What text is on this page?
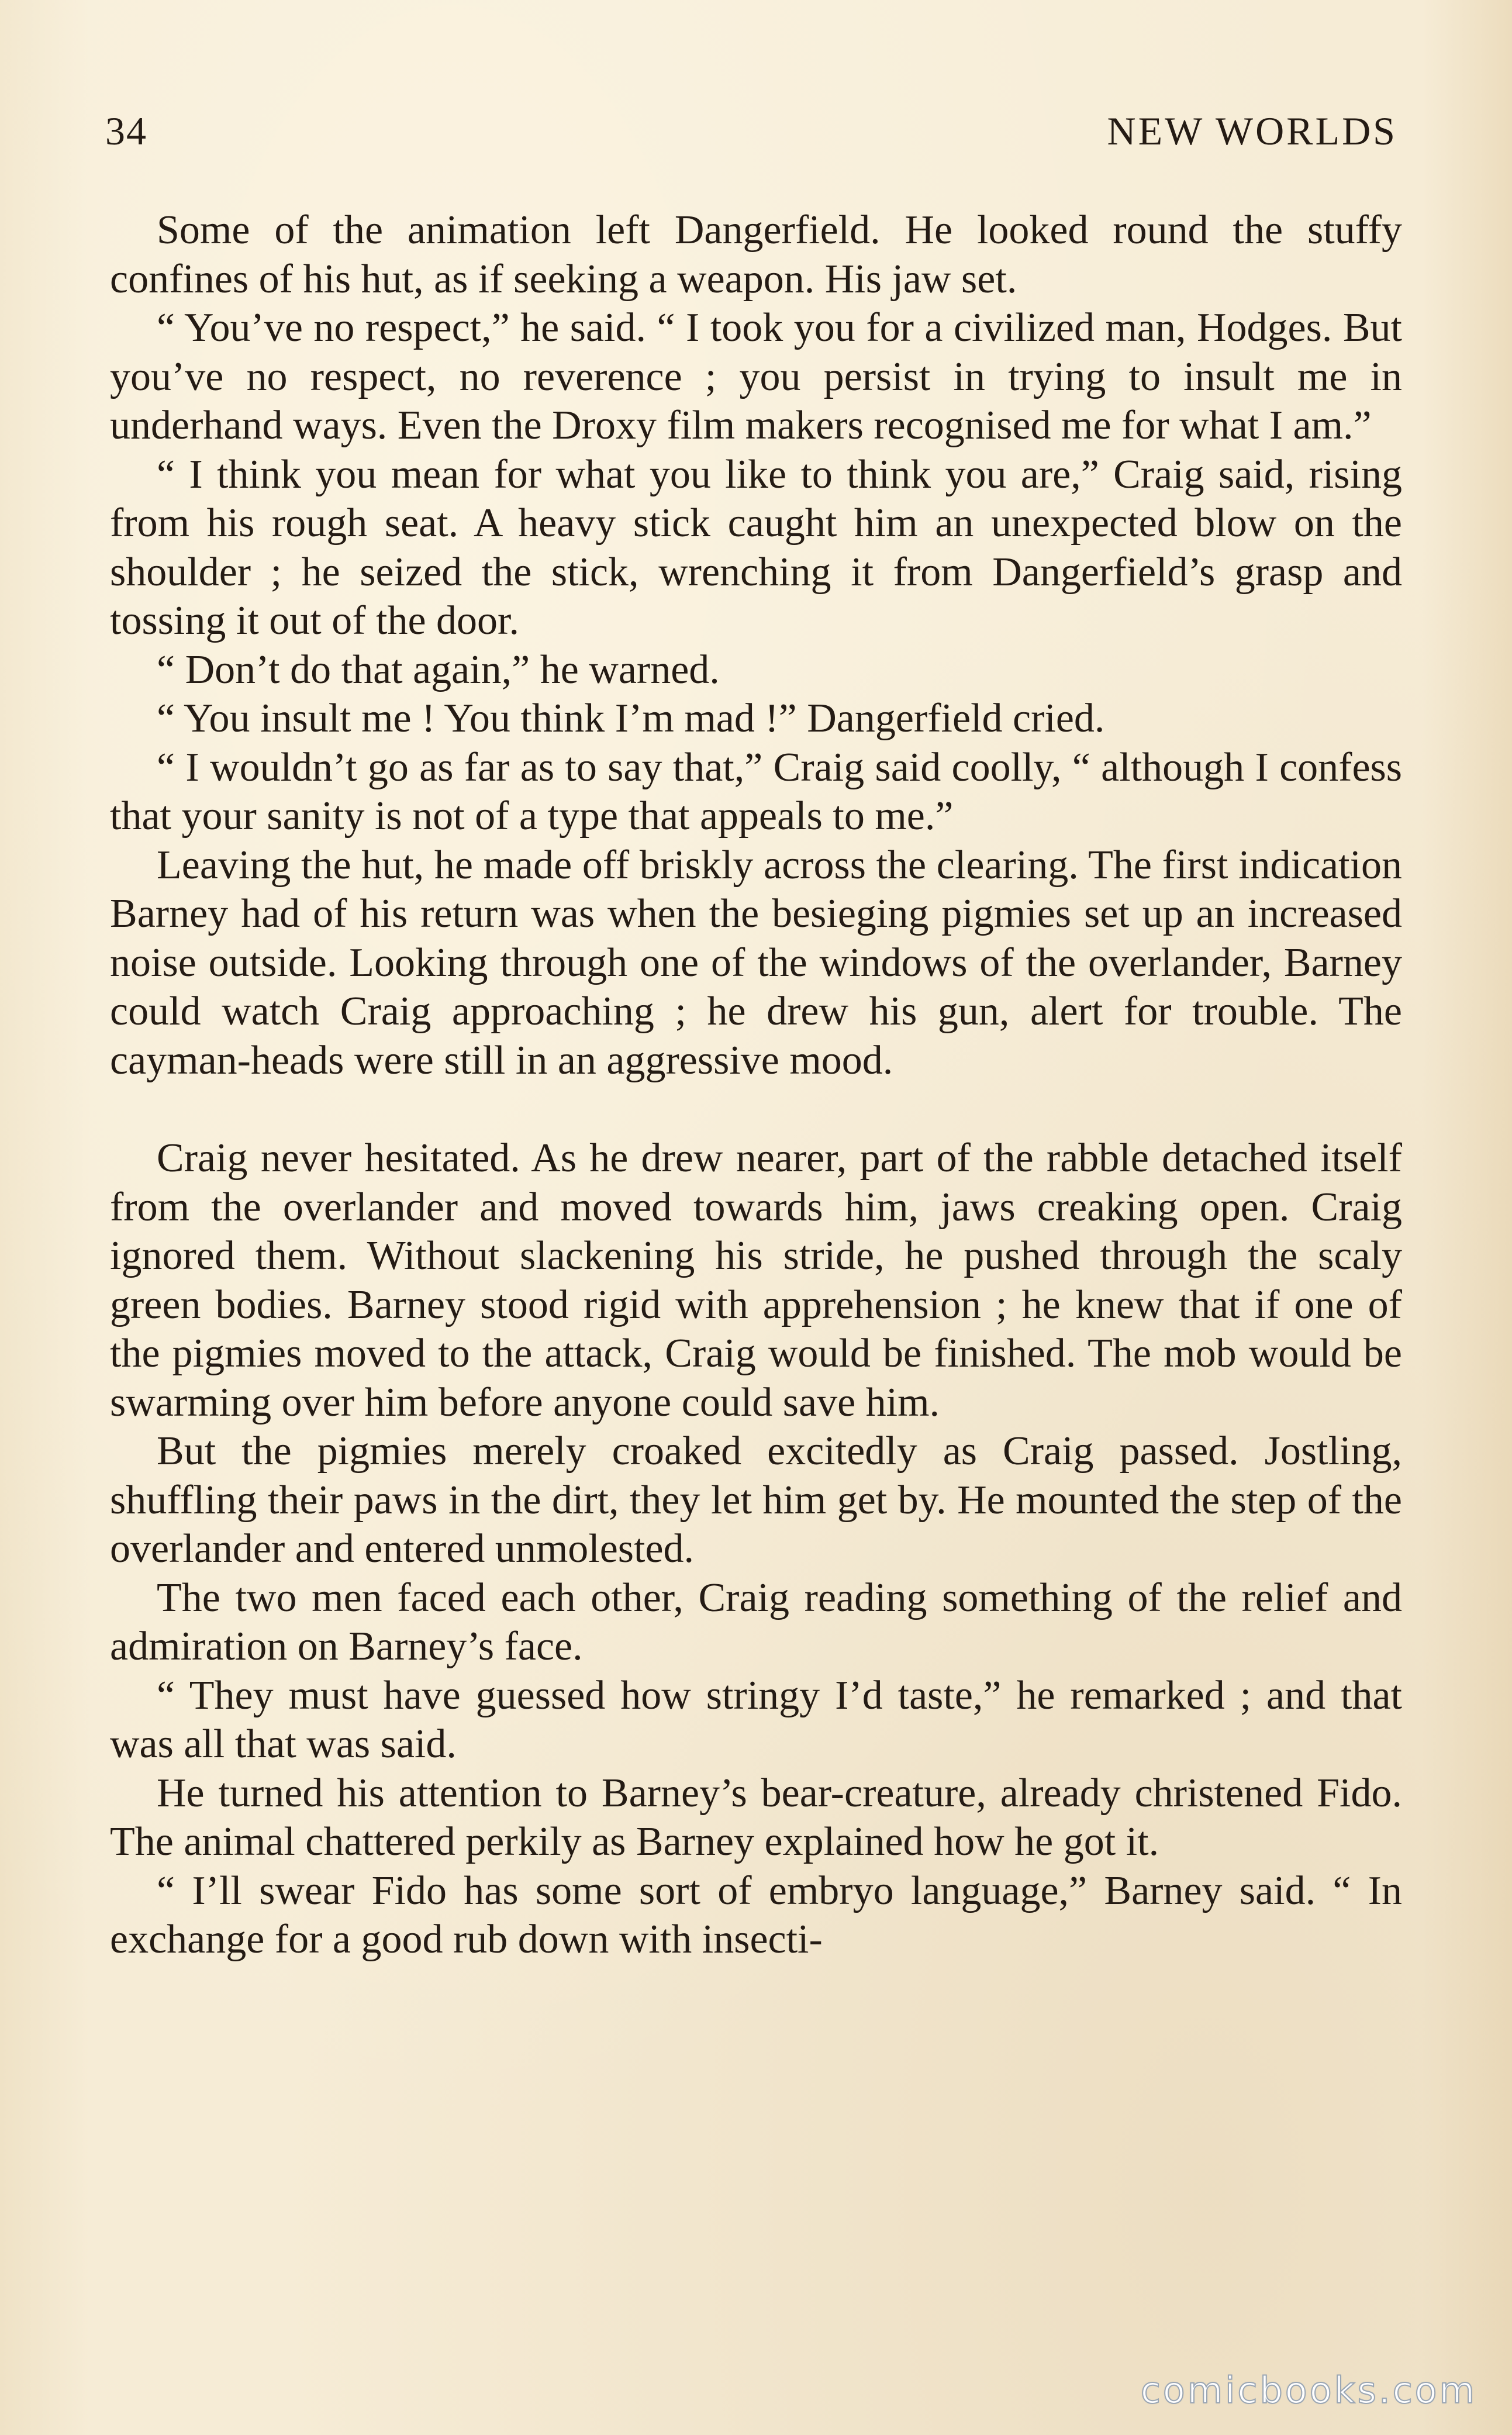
34	NEW WORLDS

Some of the animation left Dangerfield. He looked round the stuffy confines of his hut, as if seeking a weapon. His jaw set.

“ You’ve no respect,” he said. “ I took you for a civilized man, Hodges. But you’ve no respect, no reverence ; you persist in trying to insult me in underhand ways. Even the Droxy film makers recognised me for what I am.”

“ I think you mean for what you like to think you are,” Craig said, rising from his rough seat. A heavy stick caught him an unexpected blow on the shoulder ; he seized the stick, wrenching it from Dangerfield’s grasp and tossing it out of the door.

“ Don’t do that again,” he warned.

“ You insult me ! You think I’m mad !” Dangerfield cried.

“ I wouldn’t go as far as to say that,” Craig said coolly, “ although I confess that your sanity is not of a type that appeals to me.”

Leaving the hut, he made off briskly across the clearing. The first indication Barney had of his return was when the besieging pigmies set up an increased noise outside. Looking through one of the windows of the overlander, Barney could watch Craig approaching ; he drew his gun, alert for trouble. The cayman-heads were still in an aggressive mood.

Craig never hesitated. As he drew nearer, part of the rabble detached itself from the overlander and moved towards him, jaws creaking open. Craig ignored them. Without slackening his stride, he pushed through the scaly green bodies. Barney stood rigid with apprehension ; he knew that if one of the pigmies moved to the attack, Craig would be finished. The mob would be swarming over him before anyone could save him.

But the pigmies merely croaked excitedly as Craig passed. Jostling, shuffling their paws in the dirt, they let him get by. He mounted the step of the overlander and entered unmolested.

The two men faced each other, Craig reading something of the relief and admiration on Barney’s face.

“ They must have guessed how stringy I’d taste,” he remarked ; and that was all that was said.

He turned his attention to Barney’s bear-creature, already christened Fido. The animal chattered perkily as Barney explained how he got it.

“ I’ll swear Fido has some sort of embryo language,” Barney said. “ In exchange for a good rub down with insecti-

comicbooks.com
